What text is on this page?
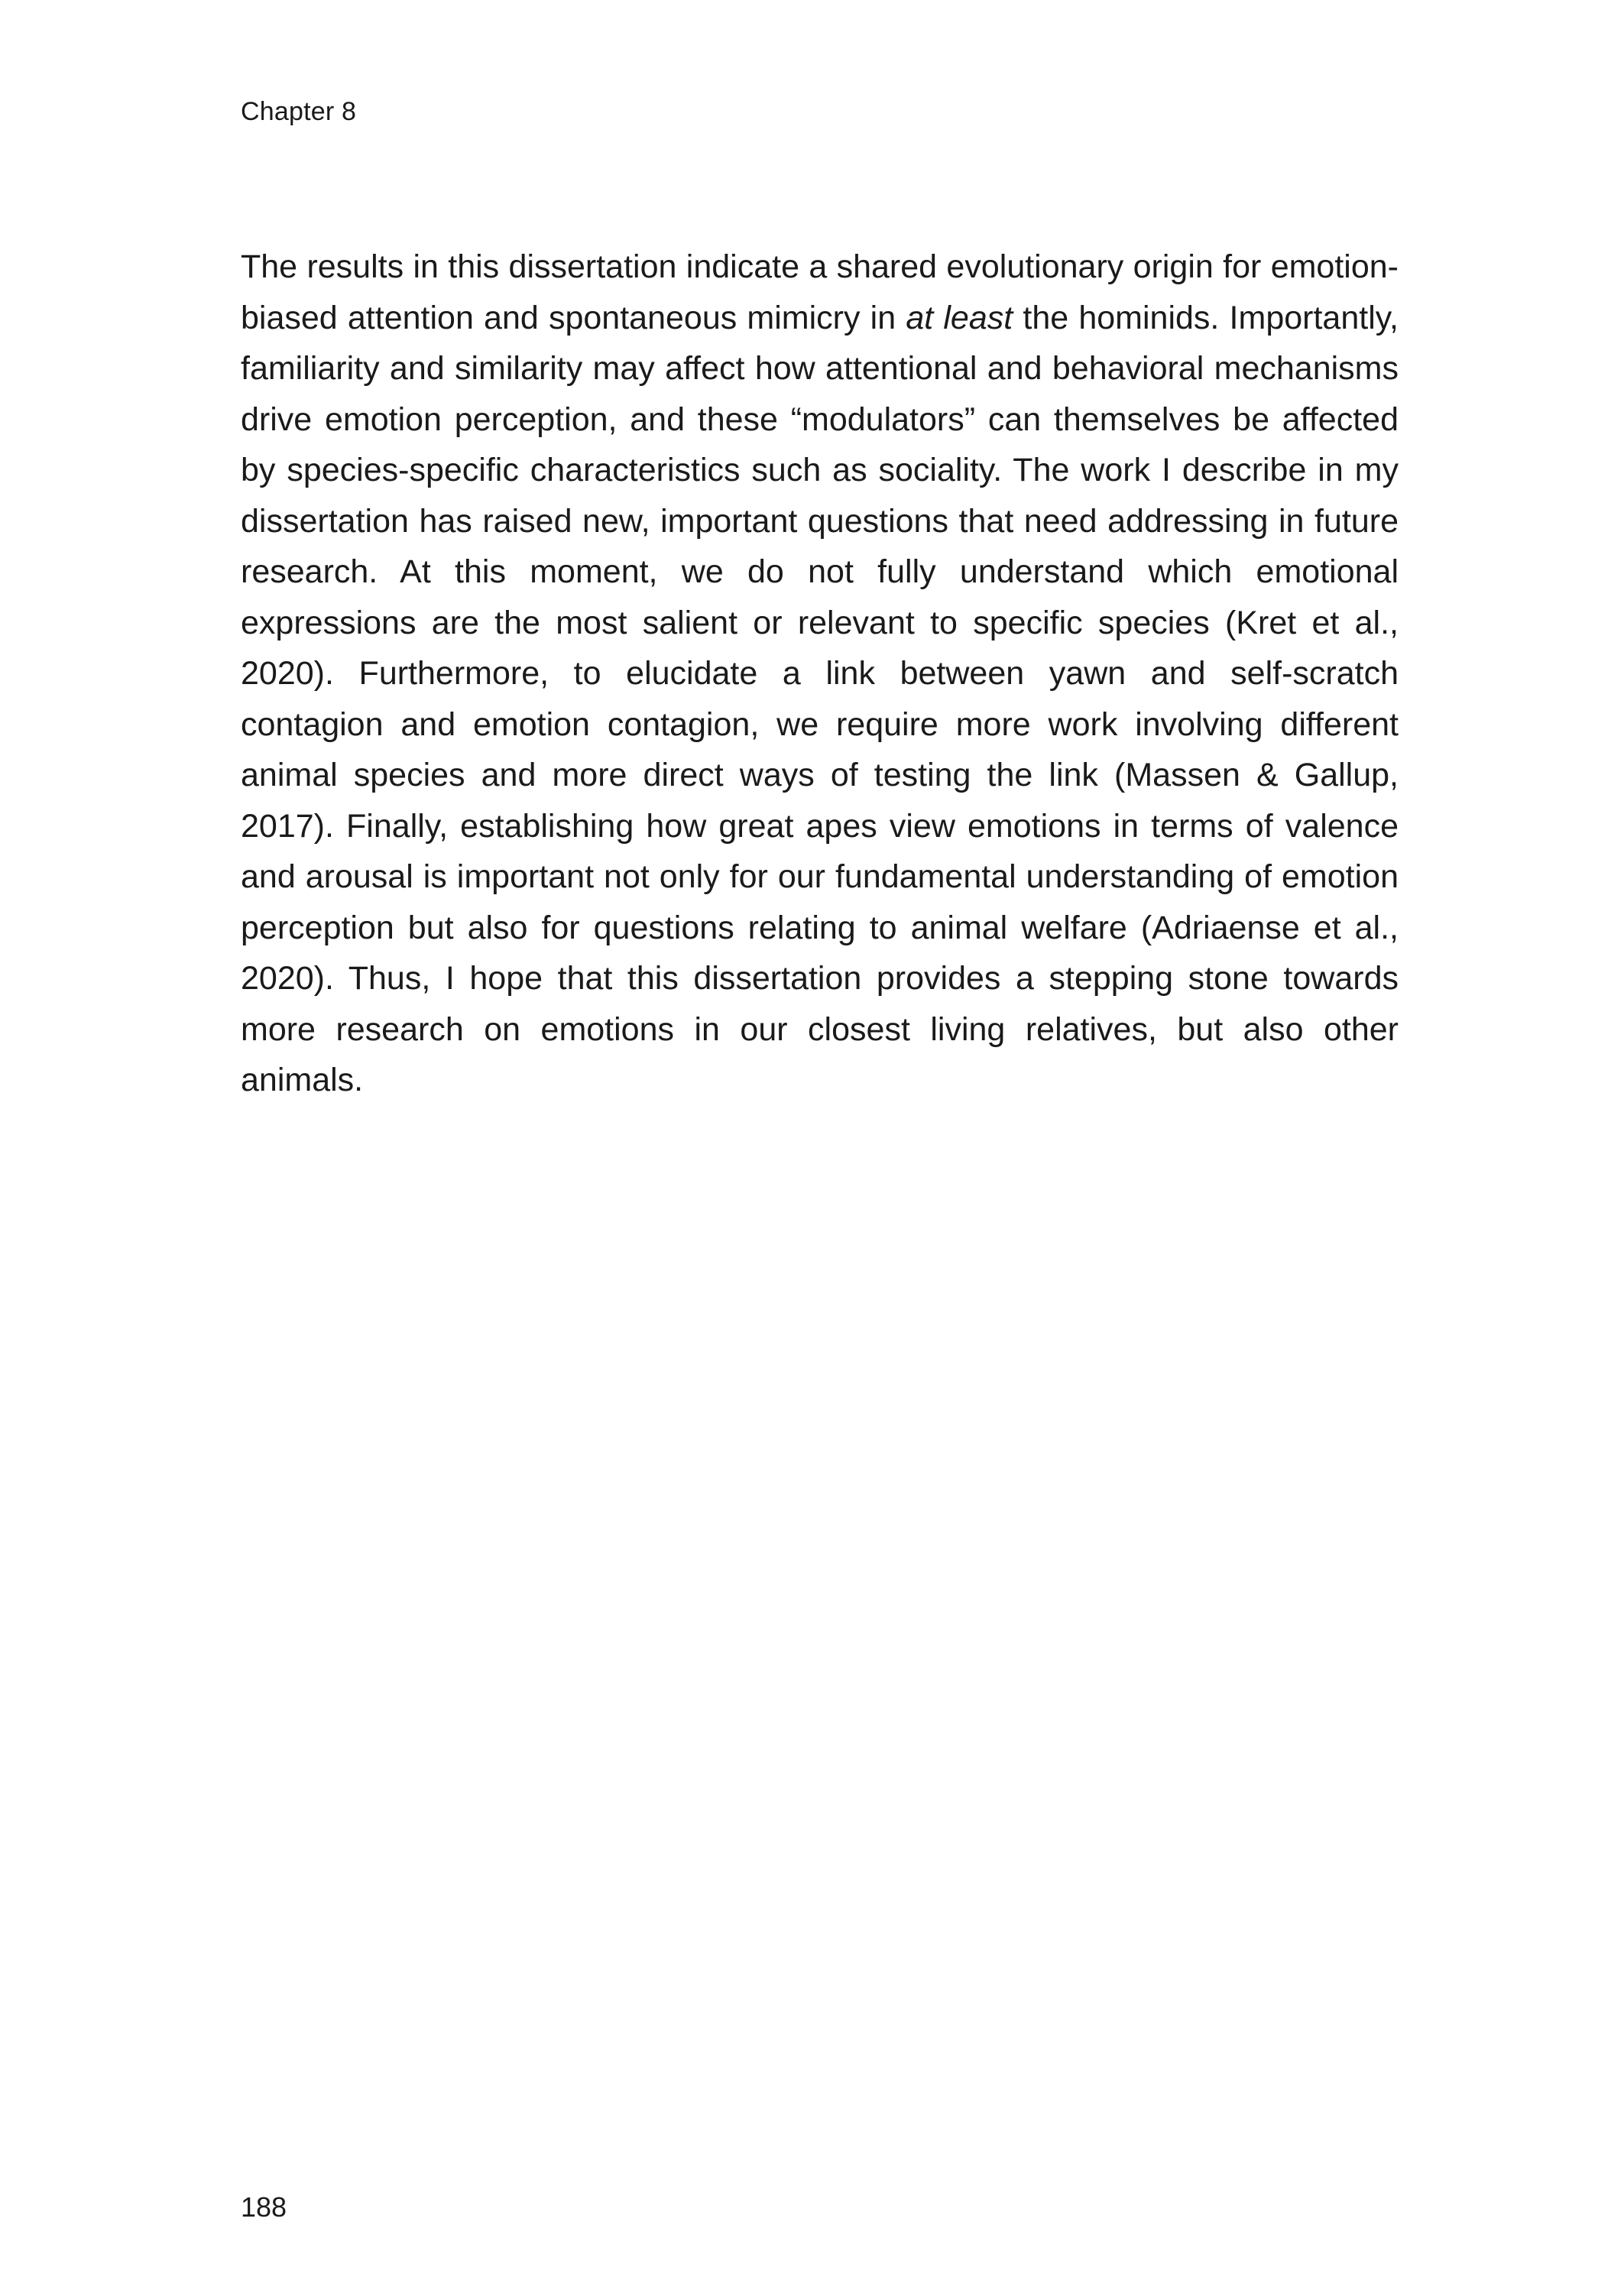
Chapter 8

The results in this dissertation indicate a shared evolutionary origin for emotion-biased attention and spontaneous mimicry in at least the hominids. Importantly, familiarity and similarity may affect how attentional and behavioral mechanisms drive emotion perception, and these “modulators” can themselves be affected by species-specific characteristics such as sociality. The work I describe in my dissertation has raised new, important questions that need addressing in future research. At this moment, we do not fully understand which emotional expressions are the most salient or relevant to specific species (Kret et al., 2020). Furthermore, to elucidate a link between yawn and self-scratch contagion and emotion contagion, we require more work involving different animal species and more direct ways of testing the link (Massen & Gallup, 2017). Finally, establishing how great apes view emotions in terms of valence and arousal is important not only for our fundamental understanding of emotion perception but also for questions relating to animal welfare (Adriaense et al., 2020). Thus, I hope that this dissertation provides a stepping stone towards more research on emotions in our closest living relatives, but also other animals.

188
